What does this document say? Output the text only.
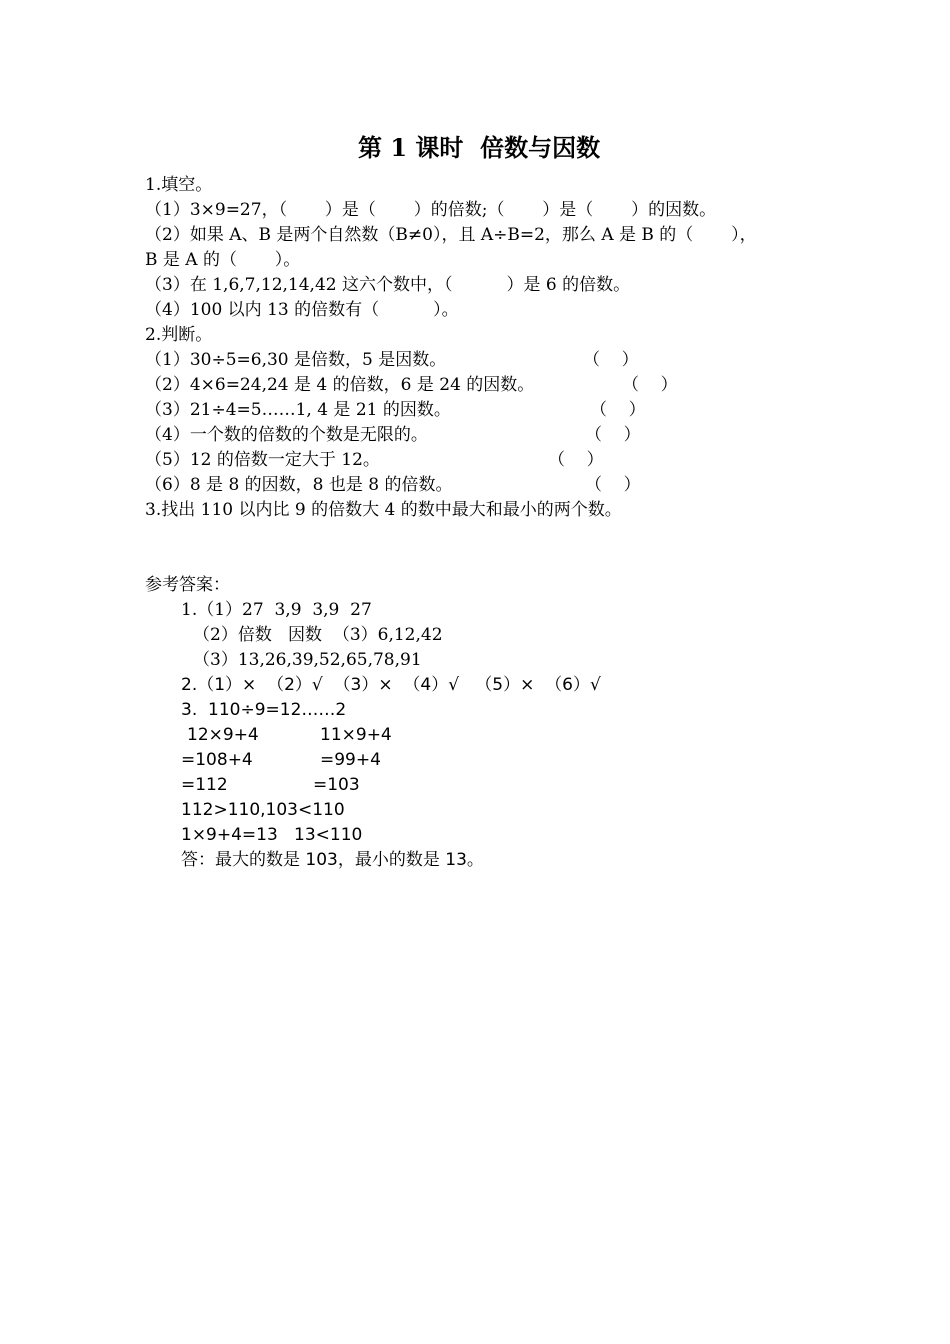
第 1 课时  倍数与因数
1.填空。
（1）3×9=27，（       ）是（       ）的倍数;（       ）是（       ）的因数。
（2）如果 A、B 是两个自然数（B≠0），且 A÷B=2，那么 A 是 B 的（       ），
B 是 A 的（       ）。
（3）在 1,6,7,12,14,42 这六个数中，（          ）是 6 的倍数。
（4）100 以内 13 的倍数有（          ）。
2.判断。
（1）30÷5=6,30 是倍数，5 是因数。	（    ）
（2）4×6=24,24 是 4 的倍数，6 是 24 的因数。	（    ）
（3）21÷4=5……1, 4 是 21 的因数。	（    ）
（4）一个数的倍数的个数是无限的。	（    ）
（5）12 的倍数一定大于 12。	（    ）
（6）8 是 8 的因数，8 也是 8 的倍数。	（    ）
3.找出 110 以内比 9 的倍数大 4 的数中最大和最小的两个数。
参考答案：
1.（1）27  3,9  3,9  27
（2）倍数   因数  （3）6,12,42
（3）13,26,39,52,65,78,91
2.（1）×  （2）√  （3）×  （4）√   （5）×  （6）√
3.  110÷9=12……2
12×9+4	11×9+4
=108+4	=99+4
=112	=103
112>110,103<110
1×9+4=13   13<110
答：最大的数是 103，最小的数是 13。
